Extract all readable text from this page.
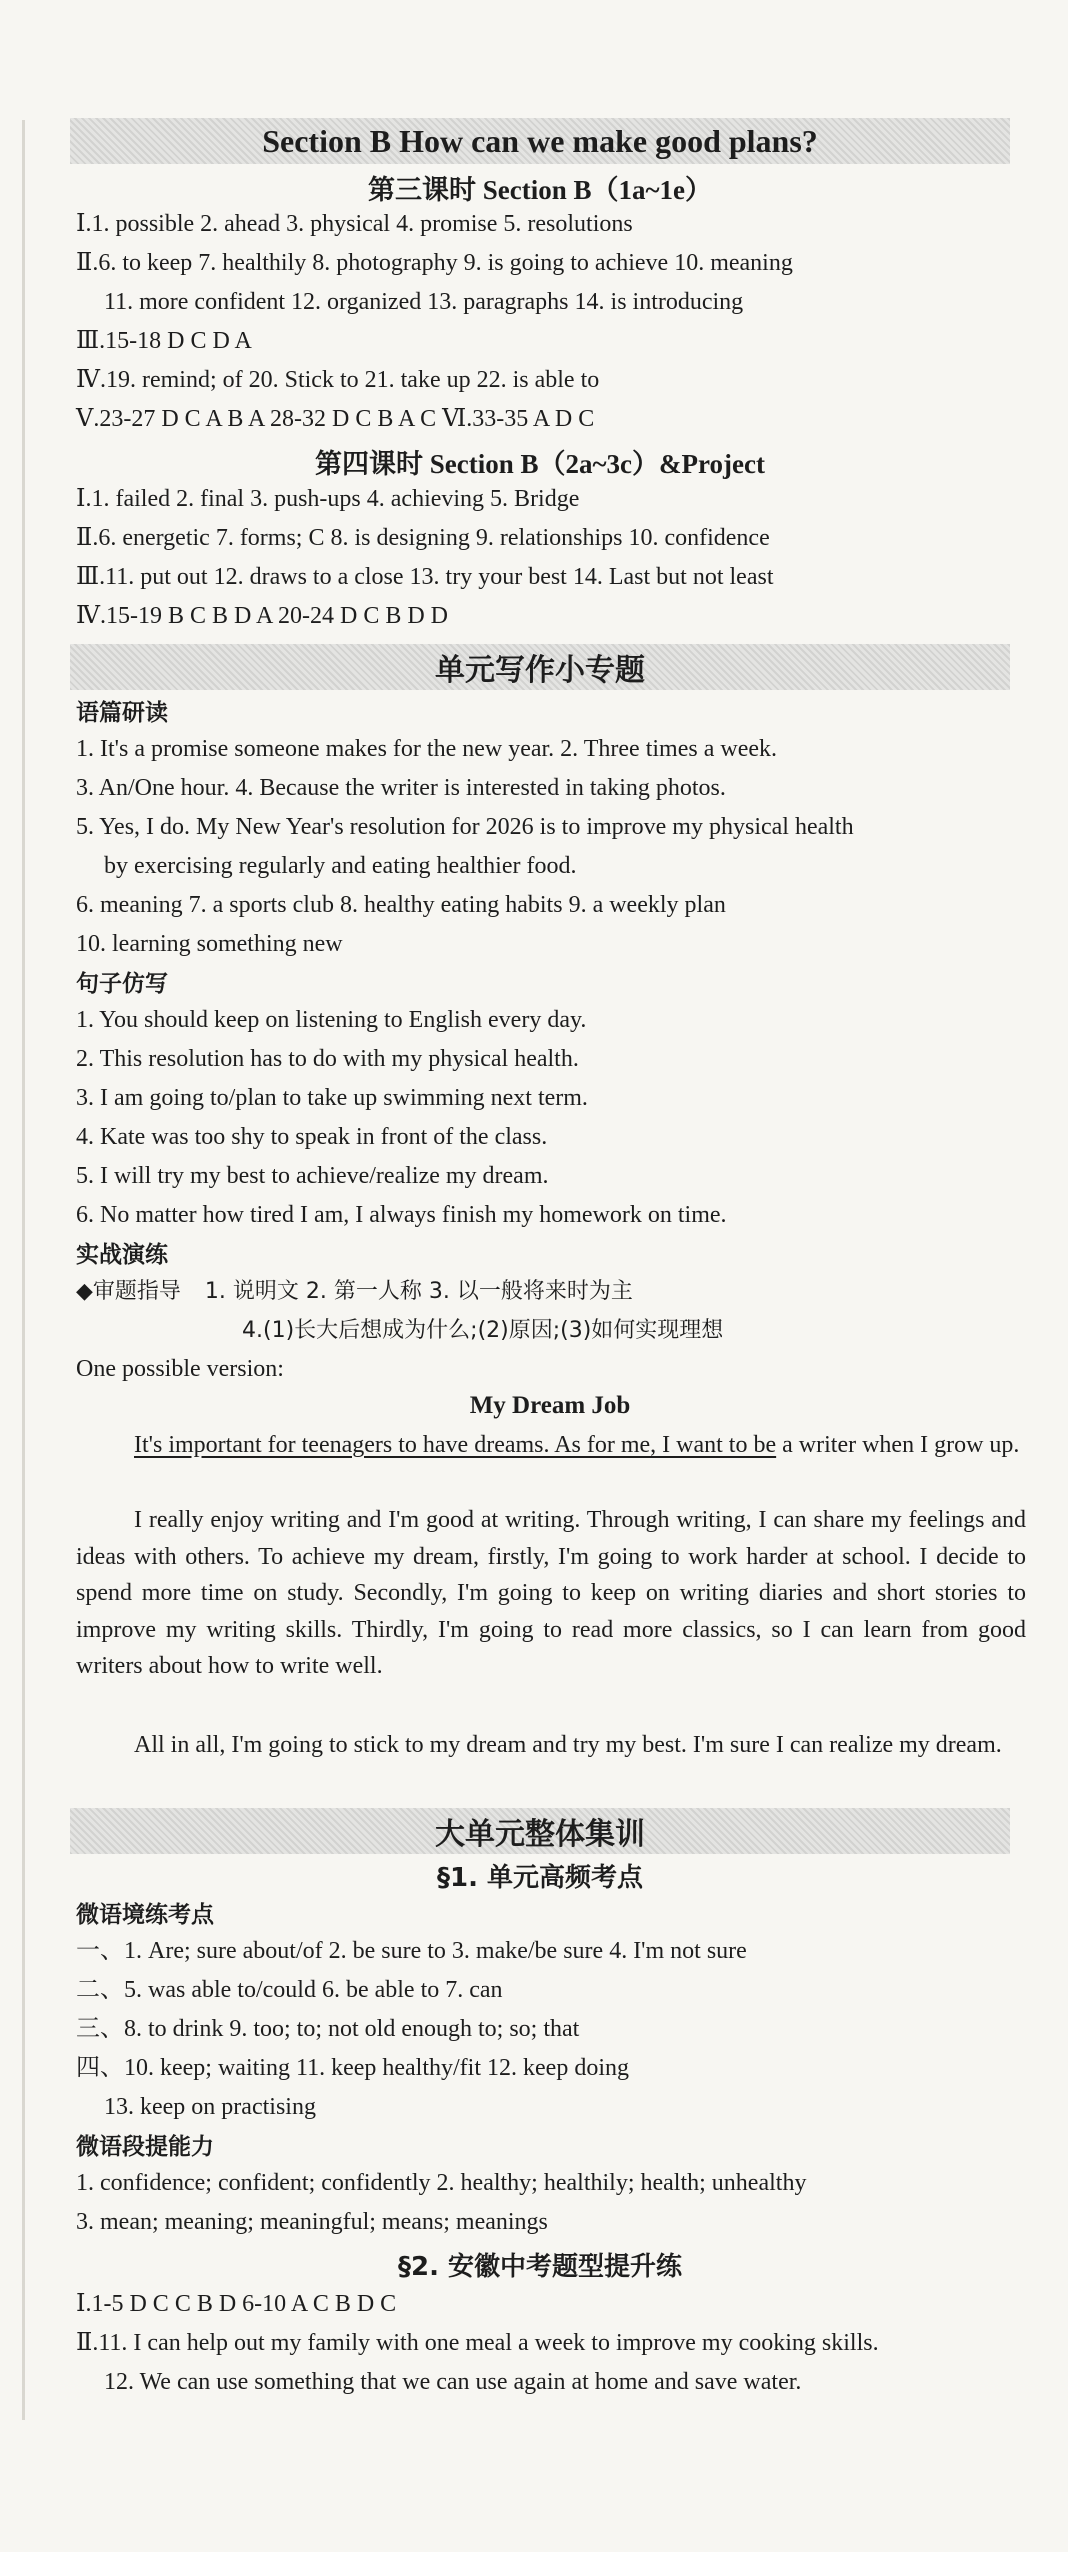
Section B How can we make good plans?
第三课时 Section B（1a~1e）
Ⅰ.1. possible 2. ahead 3. physical 4. promise 5. resolutions
Ⅱ.6. to keep 7. healthily 8. photography 9. is going to achieve 10. meaning
11. more confident 12. organized 13. paragraphs 14. is introducing
Ⅲ.15-18 D C D A
Ⅳ.19. remind; of 20. Stick to 21. take up 22. is able to
Ⅴ.23-27 D C A B A 28-32 D C B A C Ⅵ.33-35 A D C
第四课时 Section B（2a~3c）&Project
Ⅰ.1. failed 2. final 3. push-ups 4. achieving 5. Bridge
Ⅱ.6. energetic 7. forms; C 8. is designing 9. relationships 10. confidence
Ⅲ.11. put out 12. draws to a close 13. try your best 14. Last but not least
Ⅳ.15-19 B C B D A 20-24 D C B D D
单元写作小专题
语篇研读
1. It's a promise someone makes for the new year. 2. Three times a week.
3. An/One hour. 4. Because the writer is interested in taking photos.
5. Yes, I do. My New Year's resolution for 2026 is to improve my physical health
by exercising regularly and eating healthier food.
6. meaning 7. a sports club 8. healthy eating habits 9. a weekly plan
10. learning something new
句子仿写
1. You should keep on listening to English every day.
2. This resolution has to do with my physical health.
3. I am going to/plan to take up swimming next term.
4. Kate was too shy to speak in front of the class.
5. I will try my best to achieve/realize my dream.
6. No matter how tired I am, I always finish my homework on time.
实战演练
◆审题指导 1. 说明文 2. 第一人称 3. 以一般将来时为主
4.(1)长大后想成为什么;(2)原因;(3)如何实现理想
One possible version:
My Dream Job
It's important for teenagers to have dreams. As for me, I want to be a writer when I grow up.
I really enjoy writing and I'm good at writing. Through writing, I can share my feelings and ideas with others. To achieve my dream, firstly, I'm going to work harder at school. I decide to spend more time on study. Secondly, I'm going to keep on writing diaries and short stories to improve my writing skills. Thirdly, I'm going to read more classics, so I can learn from good writers about how to write well.
All in all, I'm going to stick to my dream and try my best. I'm sure I can realize my dream.
大单元整体集训
§1. 单元高频考点
微语境练考点
一、1. Are; sure about/of 2. be sure to 3. make/be sure 4. I'm not sure
二、5. was able to/could 6. be able to 7. can
三、8. to drink 9. too; to; not old enough to; so; that
四、10. keep; waiting 11. keep healthy/fit 12. keep doing
13. keep on practising
微语段提能力
1. confidence; confident; confidently 2. healthy; healthily; health; unhealthy
3. mean; meaning; meaningful; means; meanings
§2. 安徽中考题型提升练
Ⅰ.1-5 D C C B D 6-10 A C B D C
Ⅱ.11. I can help out my family with one meal a week to improve my cooking skills.
12. We can use something that we can use again at home and save water.
